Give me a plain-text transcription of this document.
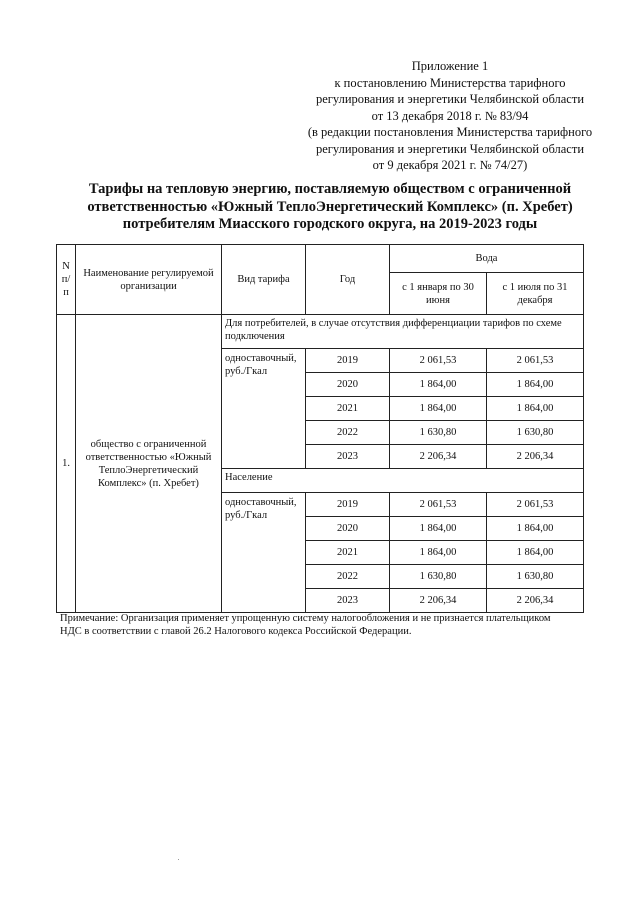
Приложение 1
к постановлению Министерства тарифного
регулирования и энергетики Челябинской области
от 13 декабря 2018 г. № 83/94
(в редакции постановления Министерства тарифного
регулирования и энергетики Челябинской области
от 9 декабря 2021 г. № 74/27)
Тарифы на тепловую энергию, поставляемую обществом с ограниченной
ответственностью «Южный ТеплоЭнергетический Комплекс» (п. Хребет)
потребителям Миасского городского округа, на 2019-2023 годы
N п/п	Наименование регулируемой организации	Вид тарифа	Год	Вода	
				с 1 января по 30 июня	с 1 июля по 31 декабря
1.	общество с ограниченной ответственностью «Южный ТеплоЭнергетический Комплекс» (п. Хребет)	Для потребителей, в случае отсутствия дифференциации тарифов по схеме подключения			
		одноставочный, руб./Гкал	2019	2 061,53	2 061,53
			2020	1 864,00	1 864,00
			2021	1 864,00	1 864,00
			2022	1 630,80	1 630,80
			2023	2 206,34	2 206,34
		Население			
		одноставочный, руб./Гкал	2019	2 061,53	2 061,53
			2020	1 864,00	1 864,00
			2021	1 864,00	1 864,00
			2022	1 630,80	1 630,80
			2023	2 206,34	2 206,34
Примечание: Организация применяет упрощенную систему налогообложения и не признается плательщиком
НДС в соответствии с главой 26.2 Налогового кодекса Российской Федерации.
